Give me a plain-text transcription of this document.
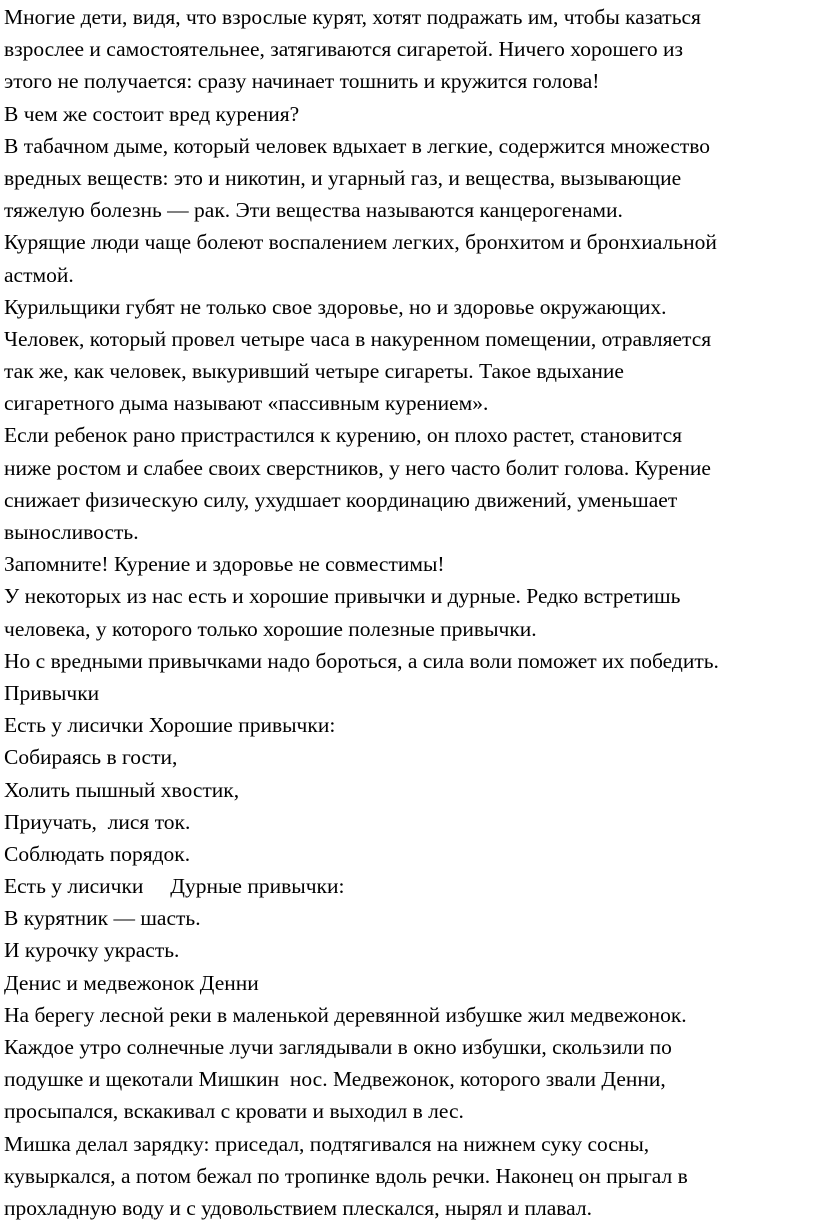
Многие дети, видя, что взрослые курят, хотят подражать им, чтобы казаться
взрослее и самостоятельнее, затягиваются сигаретой. Ничего хорошего из
этого не получается: сразу начинает тошнить и кружится голова!
В чем же состоит вред курения?
В табачном дыме, который человек вдыхает в легкие, содержится множество
вредных веществ: это и никотин, и угарный газ, и вещества, вызывающие
тяжелую болезнь — рак. Эти вещества называются канцерогенами.
Курящие люди чаще болеют воспалением легких, бронхитом и бронхиальной
астмой.
Курильщики губят не только свое здоровье, но и здоровье окружающих.
Человек, который провел четыре часа в накуренном помещении, отравляется
так же, как человек, выкуривший четыре сигареты. Такое вдыхание
сигаретного дыма называют «пассивным курением».
Если ребенок рано пристрастился к курению, он плохо растет, становится
ниже ростом и слабее своих сверстников, у него часто болит голова. Курение
снижает физическую силу, ухудшает координацию движений, уменьшает
выносливость.
Запомните! Курение и здоровье не совместимы!
У некоторых из нас есть и хорошие привычки и дурные. Редко встретишь
человека, у которого только хорошие полезные привычки.
Но с вредными привычками надо бороться, а сила воли поможет их победить.
Привычки
Есть у лисички Хорошие привычки:
Собираясь в гости,
Холить пышный хвостик,
Приучать,  лися ток.
Соблюдать порядок.
Есть у лисички     Дурные привычки:
В курятник — шасть.
И курочку украсть.
Денис и медвежонок Денни
На берегу лесной реки в маленькой деревянной избушке жил медвежонок.
Каждое утро солнечные лучи заглядывали в окно избушки, скользили по
подушке и щекотали Мишкин  нос. Медвежонок, которого звали Денни,
просыпался, вскакивал с кровати и выходил в лес.
Мишка делал зарядку: приседал, подтягивался на нижнем суку сосны,
кувыркался, а потом бежал по тропинке вдоль речки. Наконец он прыгал в
прохладную воду и с удовольствием плескался, нырял и плавал.
